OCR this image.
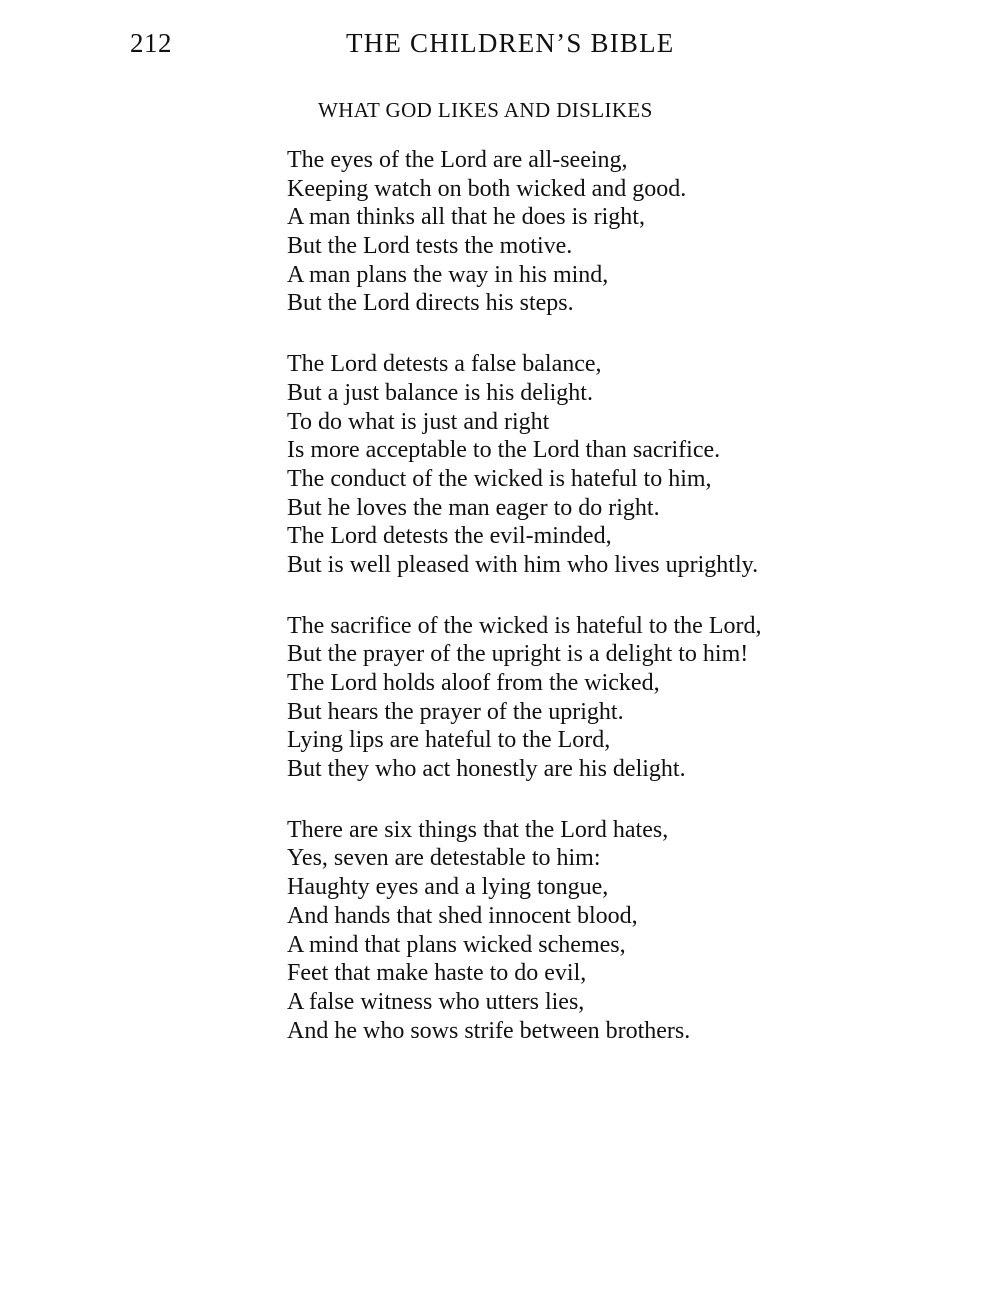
212	THE CHILDREN’S BIBLE
WHAT GOD LIKES AND DISLIKES
The eyes of the Lord are all-seeing,
Keeping watch on both wicked and good.
A man thinks all that he does is right,
But the Lord tests the motive.
A man plans the way in his mind,
But the Lord directs his steps.
The Lord detests a false balance,
But a just balance is his delight.
To do what is just and right
Is more acceptable to the Lord than sacrifice.
The conduct of the wicked is hateful to him,
But he loves the man eager to do right.
The Lord detests the evil-minded,
But is well pleased with him who lives uprightly.
The sacrifice of the wicked is hateful to the Lord,
But the prayer of the upright is a delight to him!
The Lord holds aloof from the wicked,
But hears the prayer of the upright.
Lying lips are hateful to the Lord,
But they who act honestly are his delight.
There are six things that the Lord hates,
Yes, seven are detestable to him:
Haughty eyes and a lying tongue,
And hands that shed innocent blood,
A mind that plans wicked schemes,
Feet that make haste to do evil,
A false witness who utters lies,
And he who sows strife between brothers.
